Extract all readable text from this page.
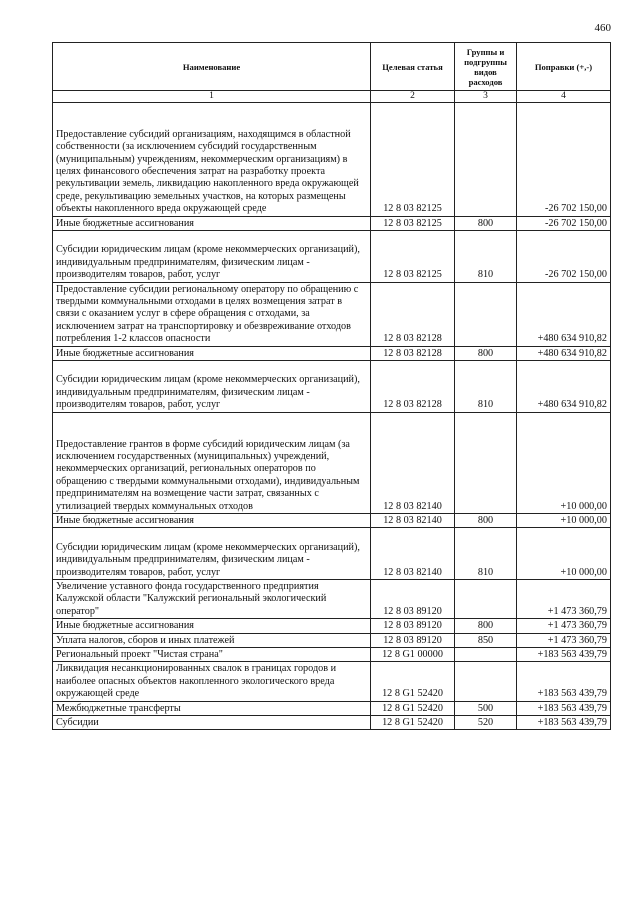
460
Наименование	Целевая статья	Группы и подгруппы видов расходов	Поправки (+,-)
1	2	3	4
Предоставление субсидий организациям, находящимся в областной собственности (за исключением субсидий государственным (муниципальным) учреждениям, некоммерческим организациям) в целях финансового обеспечения затрат на разработку проекта рекультивации земель, ликвидацию накопленного вреда окружающей среде, рекультивацию земельных участков, на которых размещены объекты накопленного вреда окружающей среде	12 8 03 82125		-26 702 150,00
Иные бюджетные ассигнования	12 8 03 82125	800	-26 702 150,00
Субсидии юридическим лицам (кроме некоммерческих организаций), индивидуальным предпринимателям, физическим лицам - производителям товаров, работ, услуг	12 8 03 82125	810	-26 702 150,00
Предоставление субсидии региональному оператору по обращению с твердыми коммунальными отходами в целях возмещения затрат в связи с оказанием услуг в сфере обращения с отходами, за исключением затрат на транспортировку и обезвреживание отходов потребления 1-2 классов опасности	12 8 03 82128		+480 634 910,82
Иные бюджетные ассигнования	12 8 03 82128	800	+480 634 910,82
Субсидии юридическим лицам (кроме некоммерческих организаций), индивидуальным предпринимателям, физическим лицам - производителям товаров, работ, услуг	12 8 03 82128	810	+480 634 910,82
Предоставление грантов в форме субсидий юридическим лицам (за исключением государственных (муниципальных) учреждений, некоммерческих организаций, региональных операторов по обращению с твердыми коммунальными отходами), индивидуальным предпринимателям на возмещение части затрат, связанных с утилизацией твердых коммунальных отходов	12 8 03 82140		+10 000,00
Иные бюджетные ассигнования	12 8 03 82140	800	+10 000,00
Субсидии юридическим лицам (кроме некоммерческих организаций), индивидуальным предпринимателям, физическим лицам - производителям товаров, работ, услуг	12 8 03 82140	810	+10 000,00
Увеличение уставного фонда государственного предприятия Калужской области "Калужский региональный экологический оператор"	12 8 03 89120		+1 473 360,79
Иные бюджетные ассигнования	12 8 03 89120	800	+1 473 360,79
Уплата налогов, сборов и иных платежей	12 8 03 89120	850	+1 473 360,79
Региональный проект "Чистая страна"	12 8 G1 00000		+183 563 439,79
Ликвидация несанкционированных свалок в границах городов и наиболее опасных объектов накопленного экологического вреда окружающей среде	12 8 G1 52420		+183 563 439,79
Межбюджетные трансферты	12 8 G1 52420	500	+183 563 439,79
Субсидии	12 8 G1 52420	520	+183 563 439,79
